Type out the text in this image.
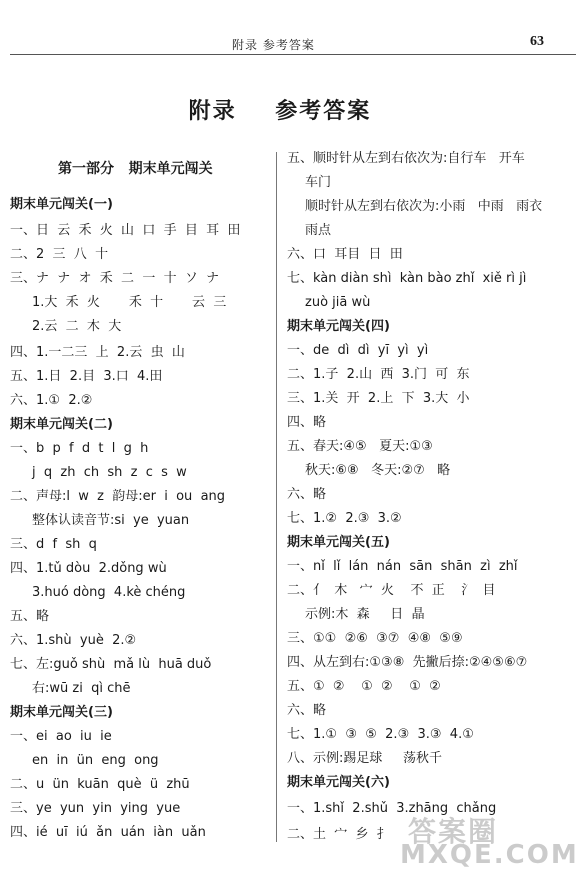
附录 参考答案	63
附录    参考答案
第一部分   期末单元闯关
期末单元闯关(一)
一、日  云  禾  火  山  口  手  目  耳  田
二、2  三  八  十
三、ナ  ナ  オ  禾  二  一  十  ソ  ナ
1.大  禾  火       禾  十       云  三
2.云  二  木  大
四、1.一二三  上  2.云  虫  山
五、1.日  2.目  3.口  4.田
六、1.①  2.②
期末单元闯关(二)
一、b  p  f  d  t  l  g  h
j  q  zh  ch  sh  z  c  s  w
二、声母:l  w  z  韵母:er  i  ou  ang
整体认读音节:si  ye  yuan
三、d  f  sh  q
四、1.tǔ dòu  2.dǒng wù
3.huó dòng  4.kè chéng
五、略
六、1.shù  yuè  2.②
七、左:guǒ shù  mǎ lù  huā duǒ
右:wū zi  qì chē
期末单元闯关(三)
一、ei  ao  iu  ie
en  in  ün  eng  ong
二、u  ün  kuān  què  ü  zhū
三、ye  yun  yin  ying  yue
四、ié  uī  iú  ǎn  uán  iàn  uǎn
五、顺时针从左到右依次为:自行车   开车
车门
顺时针从左到右依次为:小雨   中雨   雨衣
雨点
六、口  耳目  日  田
七、kàn diàn shì  kàn bào zhǐ  xiě rì jì
zuò jiā wù
期末单元闯关(四)
一、de  dì  dì  yī  yì  yì
二、1.子  2.山  西  3.门  可  东
三、1.关  开  2.上  下  3.大  小
四、略
五、春天:④⑤   夏天:①③
秋天:⑥⑧   冬天:②⑦   略
六、略
七、1.②  2.③  3.②
期末单元闯关(五)
一、nǐ  lǐ  lán  nán  sān  shān  zì  zhǐ
二、亻  木   宀  火    不  正    氵  目
示例:木  森     日  晶
三、①①  ②⑥  ③⑦  ④⑧  ⑤⑨
四、从左到右:①③⑧  先撇后捺:②④⑤⑥⑦
五、①  ②    ①  ②    ①  ②
六、略
七、1.①  ③  ⑤  2.③  3.③  4.①
八、示例:踢足球     荡秋千
期末单元闯关(六)
一、1.shǐ  2.shǔ  3.zhāng  chǎng
二、土  宀  乡  扌 答案圈
MXQE.COM
